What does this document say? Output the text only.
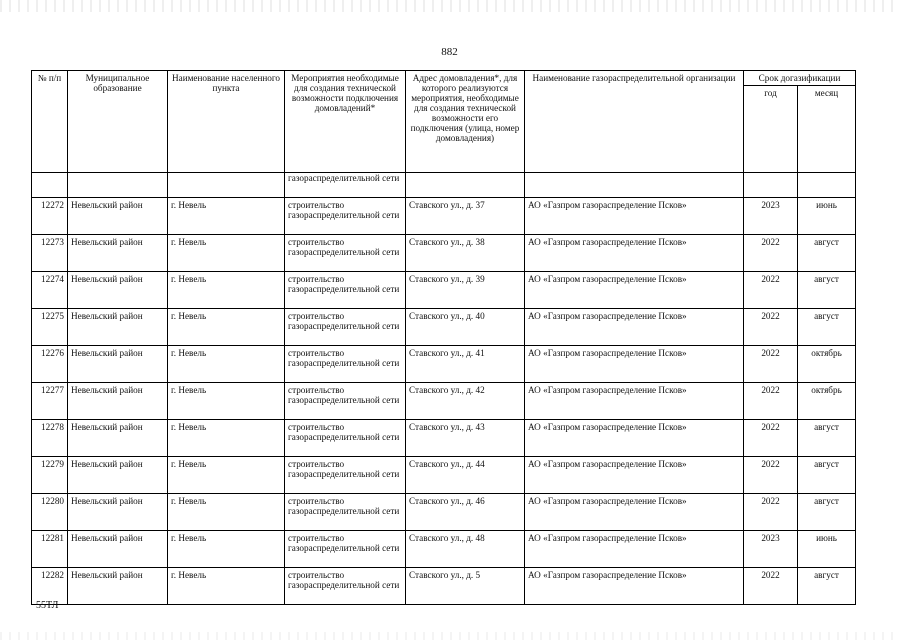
882
№ п/п	Муниципальное образование	Наименование населенного пункта	Мероприятия необходимые для создания технической возможности подключения домовладений*	Адрес домовладения*, для которого реализуются мероприятия, необходимые для создания технической возможности его подключения (улица, номер домовладения)	Наименование газораспределительной организации	Срок догазификации	
						год	месяц
			газораспределительной сети				
12272	Невельский район	г. Невель	строительство газораспределительной сети	Ставского ул., д. 37	АО «Газпром газораспределение Псков»	2023	июнь
12273	Невельский район	г. Невель	строительство газораспределительной сети	Ставского ул., д. 38	АО «Газпром газораспределение Псков»	2022	август
12274	Невельский район	г. Невель	строительство газораспределительной сети	Ставского ул., д. 39	АО «Газпром газораспределение Псков»	2022	август
12275	Невельский район	г. Невель	строительство газораспределительной сети	Ставского ул., д. 40	АО «Газпром газораспределение Псков»	2022	август
12276	Невельский район	г. Невель	строительство газораспределительной сети	Ставского ул., д. 41	АО «Газпром газораспределение Псков»	2022	октябрь
12277	Невельский район	г. Невель	строительство газораспределительной сети	Ставского ул., д. 42	АО «Газпром газораспределение Псков»	2022	октябрь
12278	Невельский район	г. Невель	строительство газораспределительной сети	Ставского ул., д. 43	АО «Газпром газораспределение Псков»	2022	август
12279	Невельский район	г. Невель	строительство газораспределительной сети	Ставского ул., д. 44	АО «Газпром газораспределение Псков»	2022	август
12280	Невельский район	г. Невель	строительство газораспределительной сети	Ставского ул., д. 46	АО «Газпром газораспределение Псков»	2022	август
12281	Невельский район	г. Невель	строительство газораспределительной сети	Ставского ул., д. 48	АО «Газпром газораспределение Псков»	2023	июнь
12282	Невельский район	г. Невель	строительство газораспределительной сети	Ставского ул., д. 5	АО «Газпром газораспределение Псков»	2022	август
55ТЛ
